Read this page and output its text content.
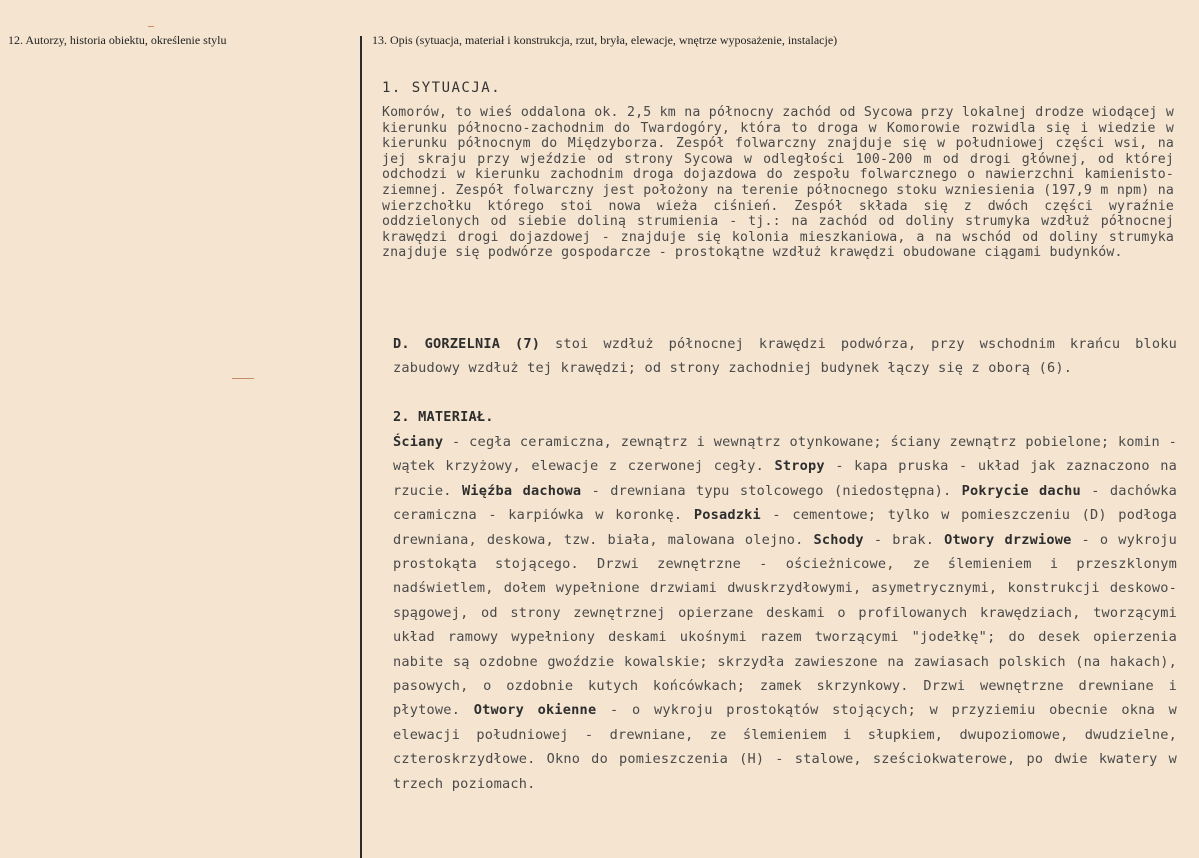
12. Autorzy, historia obiektu, określenie stylu	13. Opis (sytuacja, materiał i konstrukcja, rzut, bryła, elewacje, wnętrze wyposażenie, instalacje)
1. SYTUACJA.
Komorów, to wieś oddalona ok. 2,5 km na północny zachód od Sycowa przy lokalnej drodze wiodącej w kierunku północno-zachodnim do Twardogóry, która to droga w Komorowie rozwidla się i wiedzie w kierunku północnym do Międzyborza. Zespół folwarczny znajduje się w południowej części wsi, na jej skraju przy wjeździe od strony Sycowa w odległości 100-200 m od drogi głównej, od której odchodzi w kierunku zachodnim droga dojazdowa do zespołu folwarcznego o nawierzchni kamienisto-ziemnej. Zespół folwarczny jest położony na terenie północnego stoku wzniesienia (197,9 m npm) na wierzchołku którego stoi nowa wieża ciśnień. Zespół składa się z dwóch części wyraźnie oddzielonych od siebie doliną strumienia - tj.: na zachód od doliny strumyka wzdłuż północnej krawędzi drogi dojazdowej - znajduje się kolonia mieszkaniowa, a na wschód od doliny strumyka znajduje się podwórze gospodarcze - prostokątne wzdłuż krawędzi obudowane ciągami budynków.
D. GORZELNIA (7) stoi wzdłuż północnej krawędzi podwórza, przy wschodnim krańcu bloku zabudowy wzdłuż tej krawędzi; od strony zachodniej budynek łączy się z oborą (6).
2. MATERIAŁ.
Ściany - cegła ceramiczna, zewnątrz i wewnątrz otynkowane; ściany zewnątrz pobielone; komin - wątek krzyżowy, elewacje z czerwonej cegły. Stropy - kapa pruska - układ jak zaznaczono na rzucie. Więźba dachowa - drewniana typu stolcowego (niedostępna). Pokrycie dachu - dachówka ceramiczna - karpiówka w koronkę. Posadzki - cementowe; tylko w pomieszczeniu (D) podłoga drewniana, deskowa, tzw. biała, malowana olejno. Schody - brak. Otwory drzwiowe - o wykroju prostokąta stojącego. Drzwi zewnętrzne - ościeżnicowe, ze ślemieniem i przeszklonym nadświetlem, dołem wypełnione drzwiami dwuskrzydłowymi, asymetrycznymi, konstrukcji deskowo-spągowej, od strony zewnętrznej opierzane deskami o profilowanych krawędziach, tworzącymi układ ramowy wypełniony deskami ukośnymi razem tworzącymi "jodełkę"; do desek opierzenia nabite są ozdobne gwoździe kowalskie; skrzydła zawieszone na zawiasach polskich (na hakach), pasowych, o ozdobnie kutych końcówkach; zamek skrzynkowy. Drzwi wewnętrzne drewniane i płytowe. Otwory okienne - o wykroju prostokątów stojących; w przyziemiu obecnie okna w elewacji południowej - drewniane, ze ślemieniem i słupkiem, dwupoziomowe, dwudzielne, czteroskrzydłowe. Okno do pomieszczenia (H) - stalowe, sześciokwaterowe, po dwie kwatery w trzech poziomach.
